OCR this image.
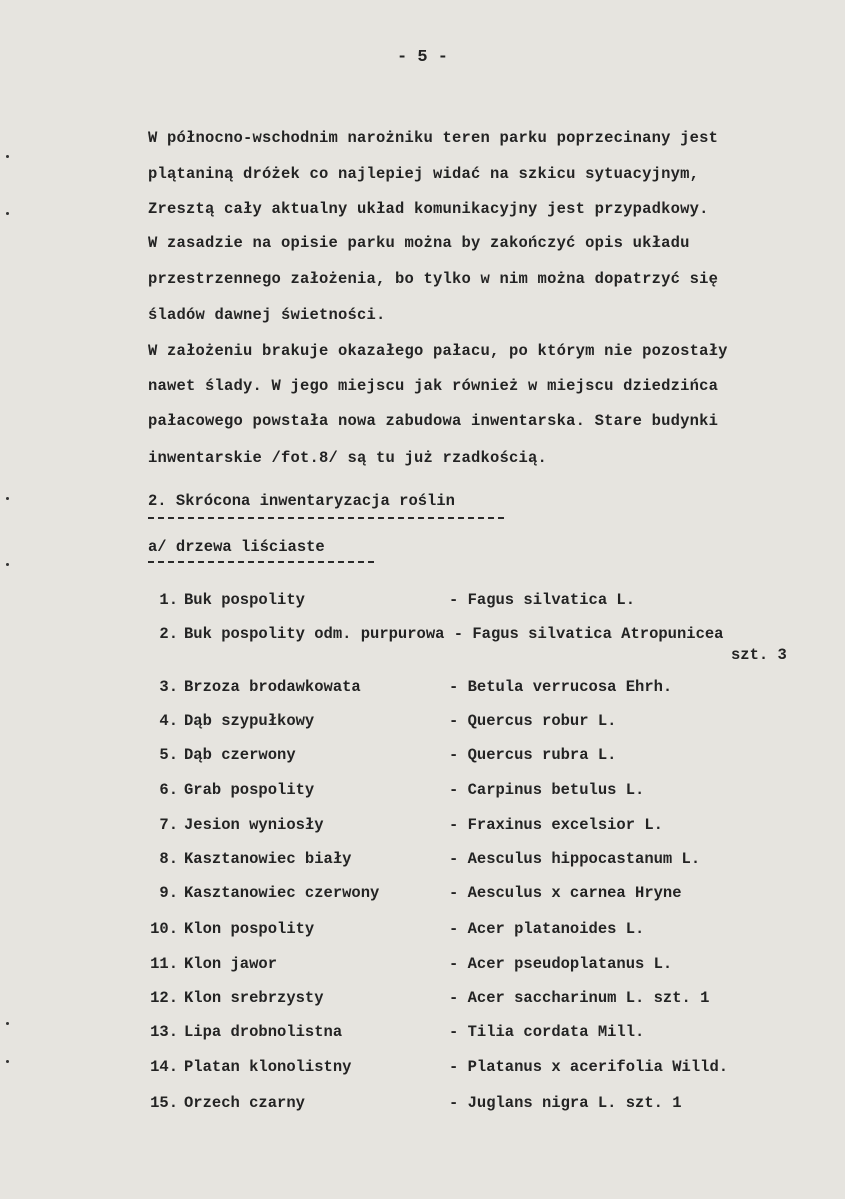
- 5 -
W północno-wschodnim narożniku teren parku poprzecinany jest
plątaniną dróżek co najlepiej widać na szkicu sytuacyjnym,
Zresztą cały aktualny układ komunikacyjny jest przypadkowy.
W zasadzie na opisie parku można by zakończyć opis układu
przestrzennego założenia, bo tylko w nim można dopatrzyć się
śladów dawnej świetności.
W założeniu brakuje okazałego pałacu, po którym nie pozostały
nawet ślady. W jego miejscu jak również w miejscu dziedzińca
pałacowego powstała nowa zabudowa inwentarska. Stare budynki
inwentarskie /fot.8/ są tu już rzadkością.
2. Skrócona inwentaryzacja roślin
a/ drzewa liściaste
1. Buk pospolity	- Fagus silvatica L.
2. Buk pospolity odm. purpurowa - Fagus silvatica Atropunicea
szt. 3
3. Brzoza brodawkowata	- Betula verrucosa Ehrh.
4. Dąb szypułkowy	- Quercus robur L.
5. Dąb czerwony	- Quercus rubra L.
6. Grab pospolity	- Carpinus betulus L.
7. Jesion wyniosły	- Fraxinus excelsior L.
8. Kasztanowiec biały	- Aesculus hippocastanum L.
9. Kasztanowiec czerwony	- Aesculus x carnea Hryne
10. Klon pospolity	- Acer platanoides L.
11. Klon jawor	- Acer pseudoplatanus L.
12. Klon srebrzysty	- Acer saccharinum L. szt. 1
13. Lipa drobnolistna	- Tilia cordata Mill.
14. Platan klonolistny	- Platanus x acerifolia Willd.
15. Orzech czarny	- Juglans nigra L. szt. 1
